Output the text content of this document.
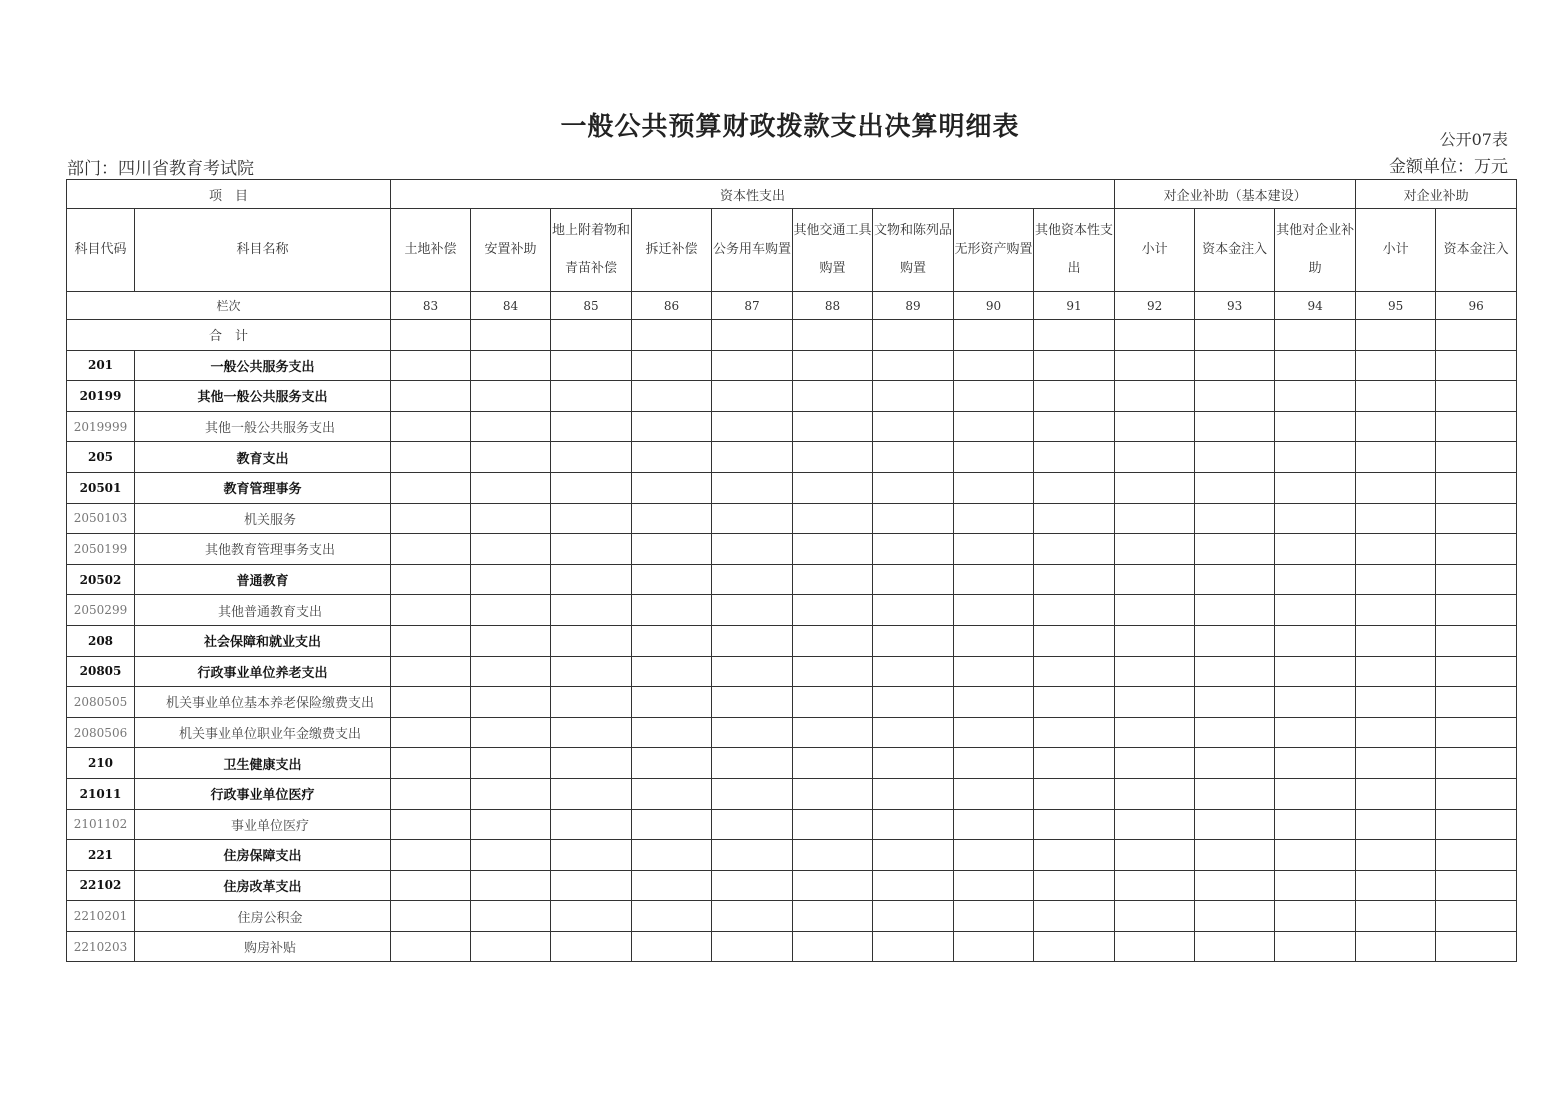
一般公共预算财政拨款支出决算明细表	公开07表
部门：四川省教育考试院	金额单位：万元
项　目		资本性支出									对企业补助（基本建设）			对企业补助	
科目代码	科目名称	土地补偿	安置补助	地上附着物和青苗补偿	拆迁补偿	公务用车购置	其他交通工具购置	文物和陈列品购置	无形资产购置	其他资本性支出	小计	资本金注入	其他对企业补助	小计	资本金注入
栏次		83	84	85	86	87	88	89	90	91	92	93	94	95	96
合　计															
201	一般公共服务支出														
20199	其他一般公共服务支出														
2019999	其他一般公共服务支出														
205	教育支出														
20501	教育管理事务														
2050103	机关服务														
2050199	其他教育管理事务支出														
20502	普通教育														
2050299	其他普通教育支出														
208	社会保障和就业支出														
20805	行政事业单位养老支出														
2080505	机关事业单位基本养老保险缴费支出														
2080506	机关事业单位职业年金缴费支出														
210	卫生健康支出														
21011	行政事业单位医疗														
2101102	事业单位医疗														
221	住房保障支出														
22102	住房改革支出														
2210201	住房公积金														
2210203	购房补贴														
